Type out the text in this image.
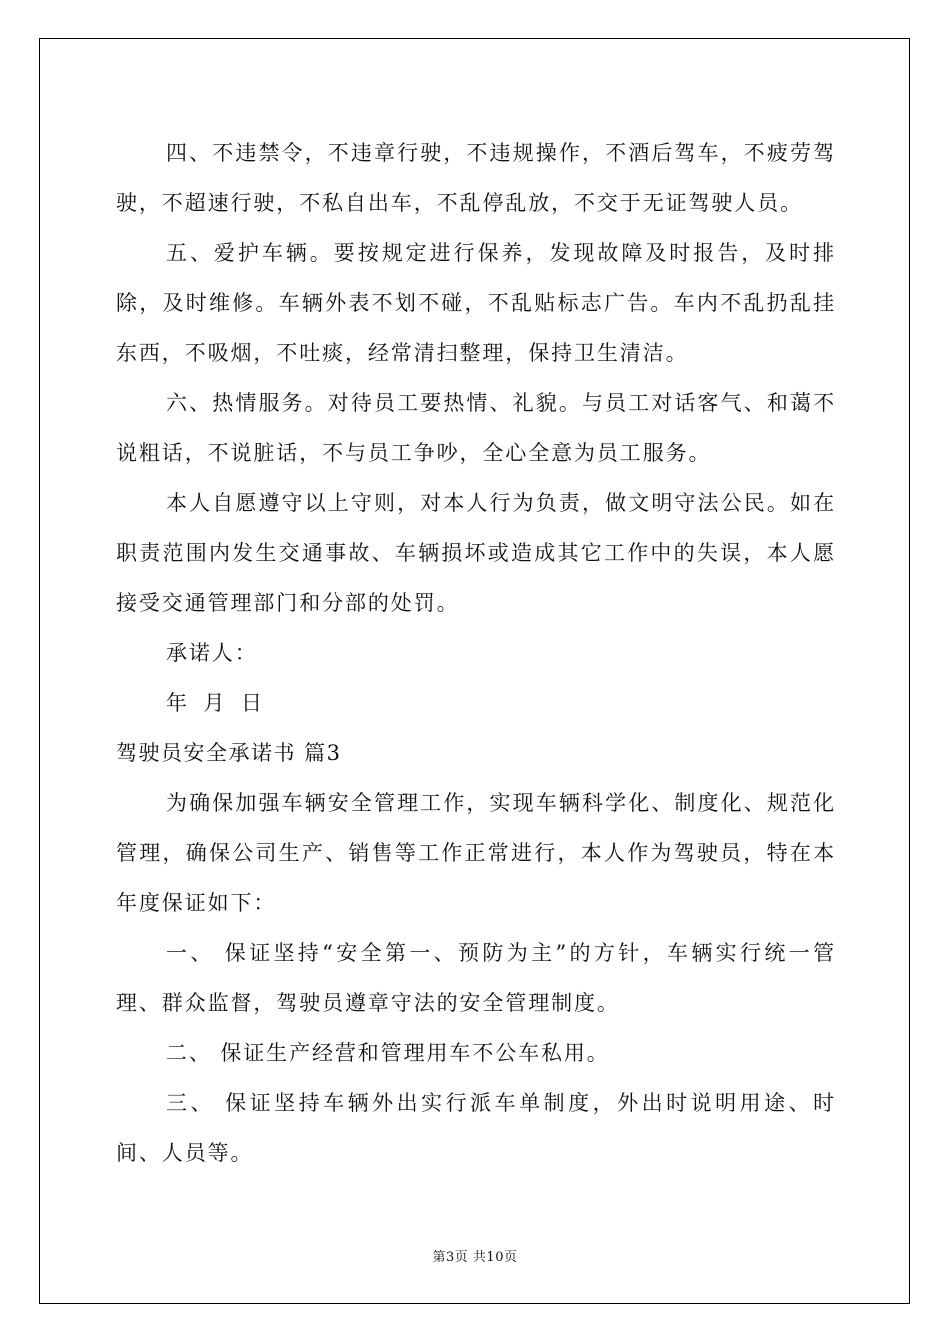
四、不违禁令，不违章行驶，不违规操作，不酒后驾车，不疲劳驾驶，不超速行驶，不私自出车，不乱停乱放，不交于无证驾驶人员。

五、爱护车辆。要按规定进行保养，发现故障及时报告，及时排除，及时维修。车辆外表不划不碰，不乱贴标志广告。车内不乱扔乱挂东西，不吸烟，不吐痰，经常清扫整理，保持卫生清洁。

六、热情服务。对待员工要热情、礼貌。与员工对话客气、和蔼不说粗话，不说脏话，不与员工争吵，全心全意为员工服务。

本人自愿遵守以上守则，对本人行为负责，做文明守法公民。如在职责范围内发生交通事故、车辆损坏或造成其它工作中的失误，本人愿接受交通管理部门和分部的处罚。

承诺人：

年 月 日

驾驶员安全承诺书 篇3

为确保加强车辆安全管理工作，实现车辆科学化、制度化、规范化管理，确保公司生产、销售等工作正常进行，本人作为驾驶员，特在本年度保证如下：

一、 保证坚持“安全第一、预防为主”的方针，车辆实行统一管理、群众监督，驾驶员遵章守法的安全管理制度。

二、 保证生产经营和管理用车不公车私用。

三、 保证坚持车辆外出实行派车单制度，外出时说明用途、时间、人员等。

第3页 共10页
